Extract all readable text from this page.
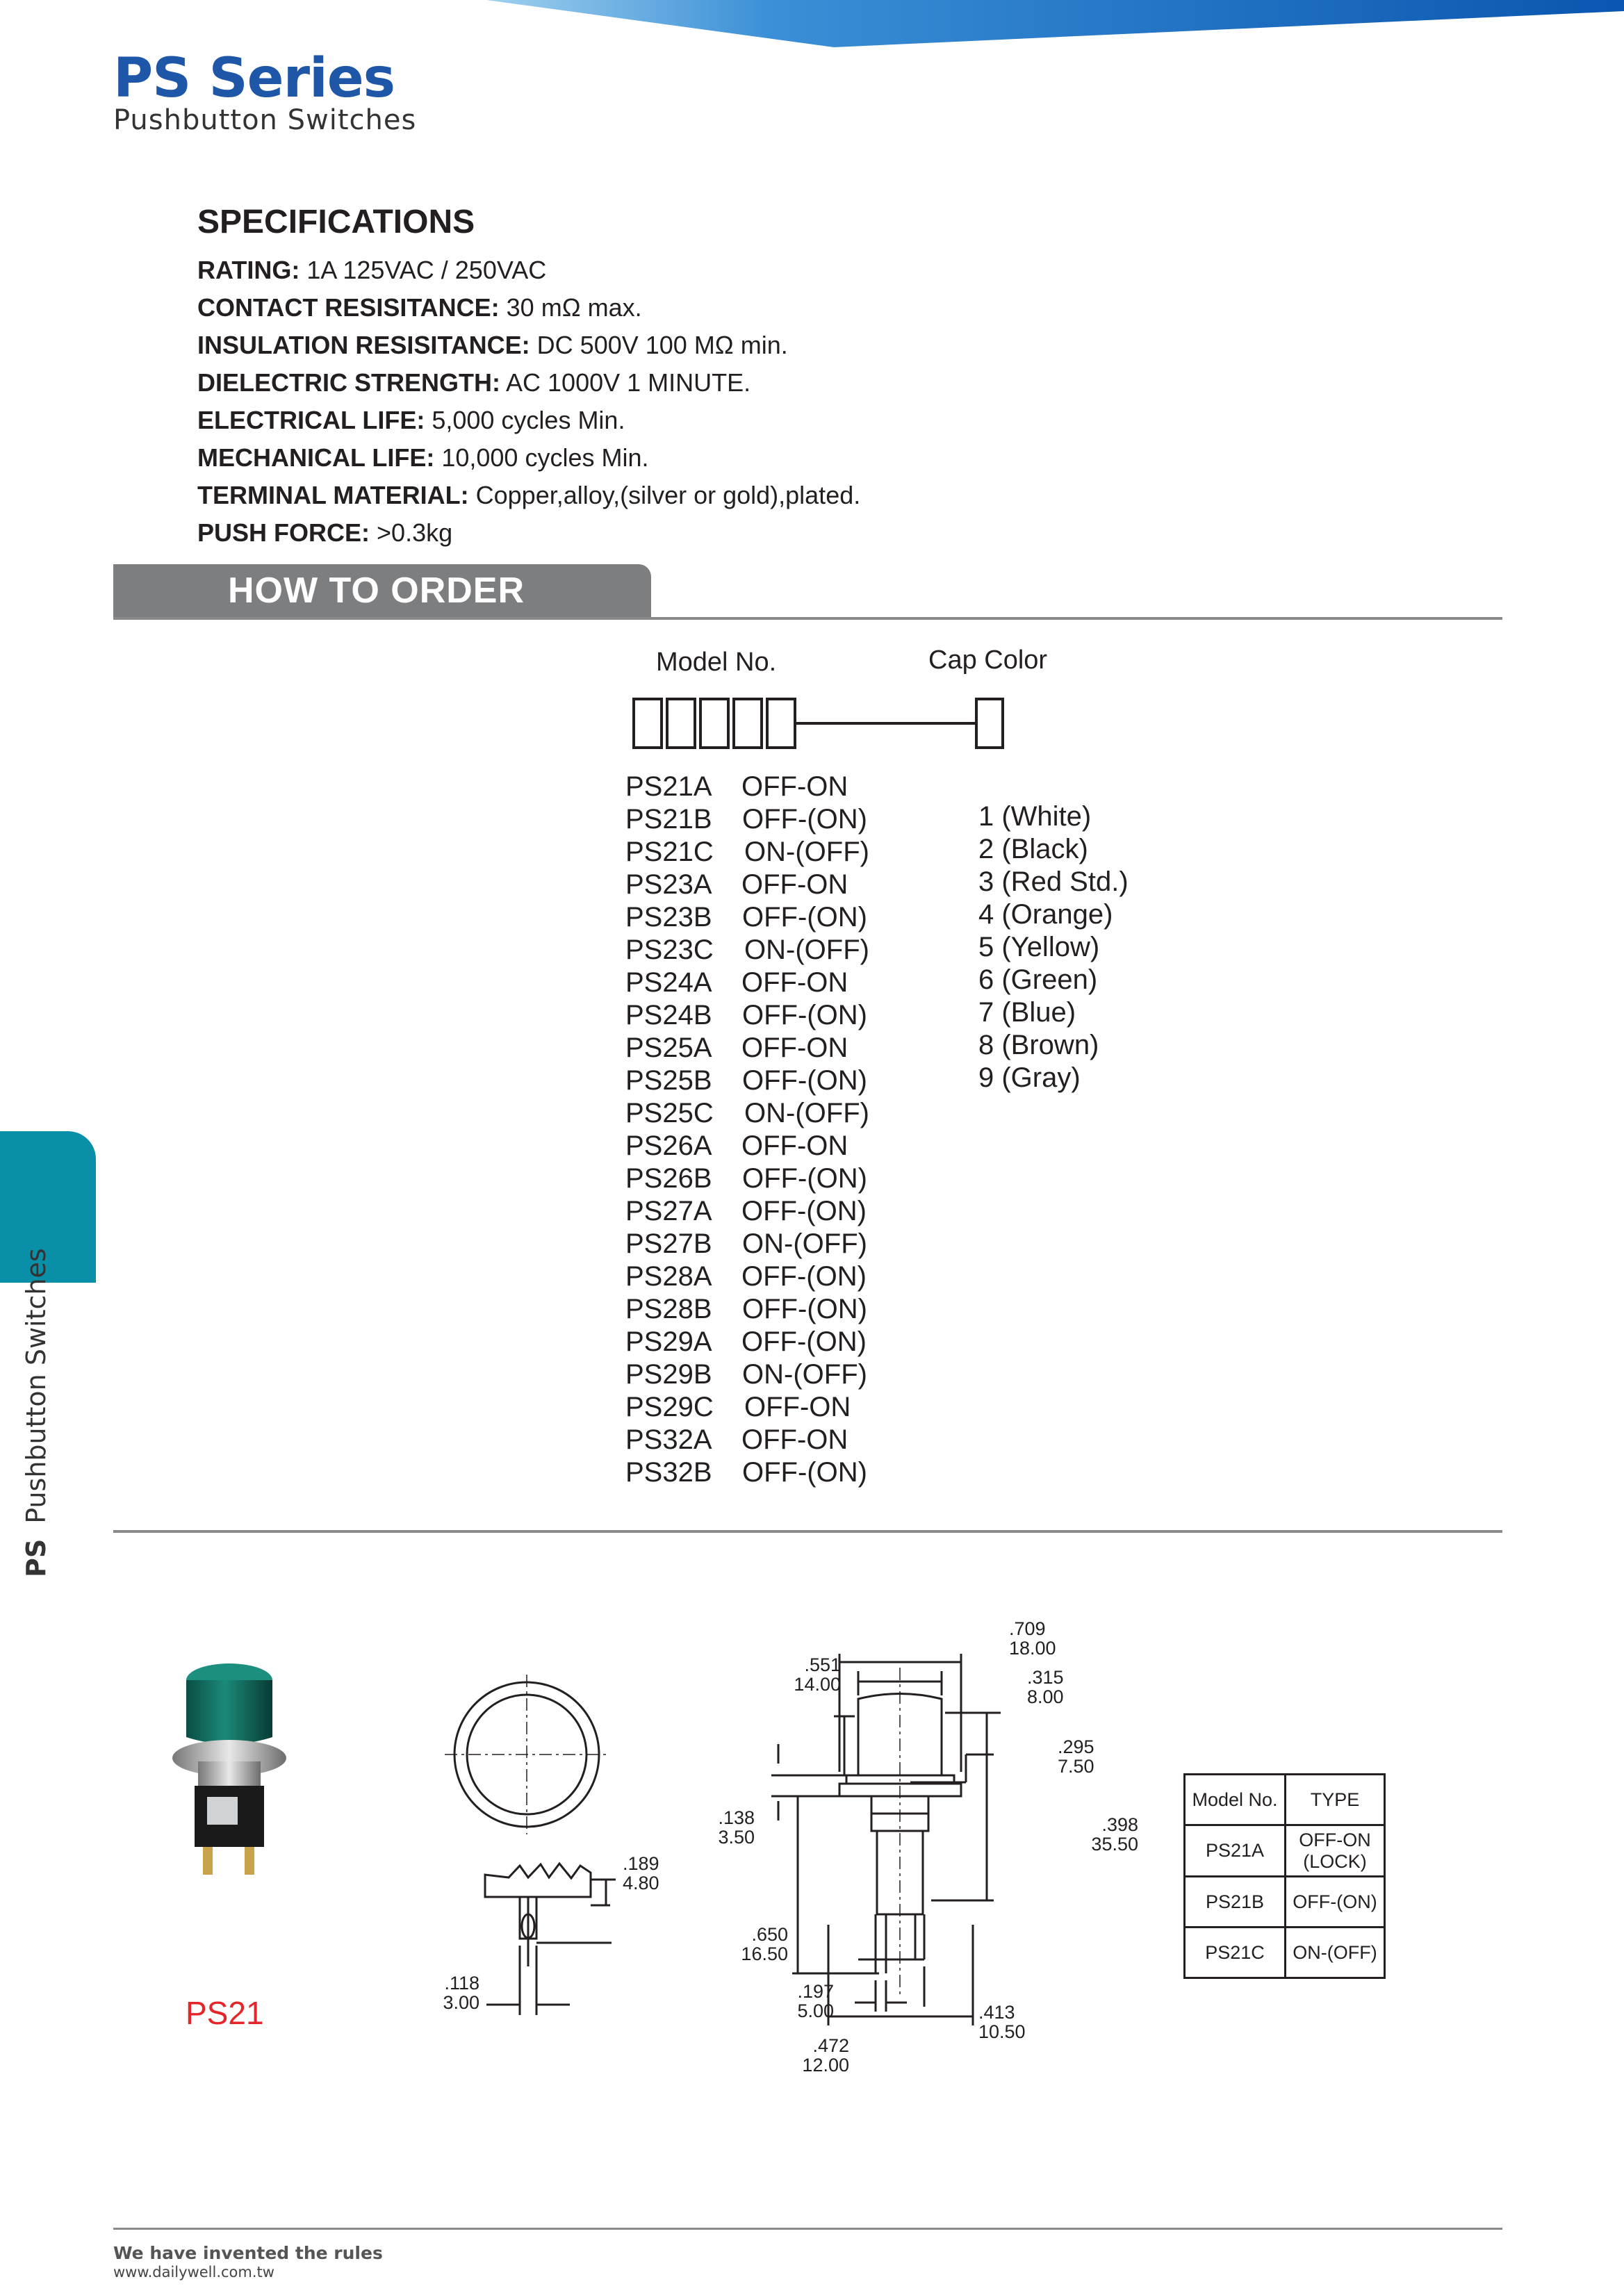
PS Series
Pushbutton Switches
SPECIFICATIONS
RATING: 1A 125VAC / 250VAC
CONTACT RESISITANCE: 30 mΩ max.
INSULATION RESISITANCE: DC 500V 100 MΩ min.
DIELECTRIC STRENGTH: AC 1000V 1 MINUTE.
ELECTRICAL LIFE: 5,000 cycles Min.
MECHANICAL LIFE: 10,000 cycles Min.
TERMINAL MATERIAL: Copper,alloy,(silver or gold),plated.
PUSH FORCE: >0.3kg
HOW TO ORDER
Model No.	Cap Color
PS21A OFF-ON
PS21B OFF-(ON)
PS21C ON-(OFF)
PS23A OFF-ON
PS23B OFF-(ON)
PS23C ON-(OFF)
PS24A OFF-ON
PS24B OFF-(ON)
PS25A OFF-ON
PS25B OFF-(ON)
PS25C ON-(OFF)
PS26A OFF-ON
PS26B OFF-(ON)
PS27A OFF-(ON)
PS27B ON-(OFF)
PS28A OFF-(ON)
PS28B OFF-(ON)
PS29A OFF-(ON)
PS29B ON-(OFF)
PS29C OFF-ON
PS32A OFF-ON
PS32B OFF-(ON)
1 (White)
2 (Black)
3 (Red Std.)
4 (Orange)
5 (Yellow)
6 (Green)
7 (Blue)
8 (Brown)
9 (Gray)
PSPushbutton Switches
PS21
.709
18.00
.551
14.00	.315
8.00
.295
7.50
.138
3.50
.398
35.50
.189
4.80
.650
16.50
.118
3.00
.197
5.00	.413
10.50
.472
12.00
Model No.	TYPE
PS21A	OFF-ON
(LOCK)
PS21B	OFF-(ON)
PS21C	ON-(OFF)
We have invented the rules
www.dailywell.com.tw
